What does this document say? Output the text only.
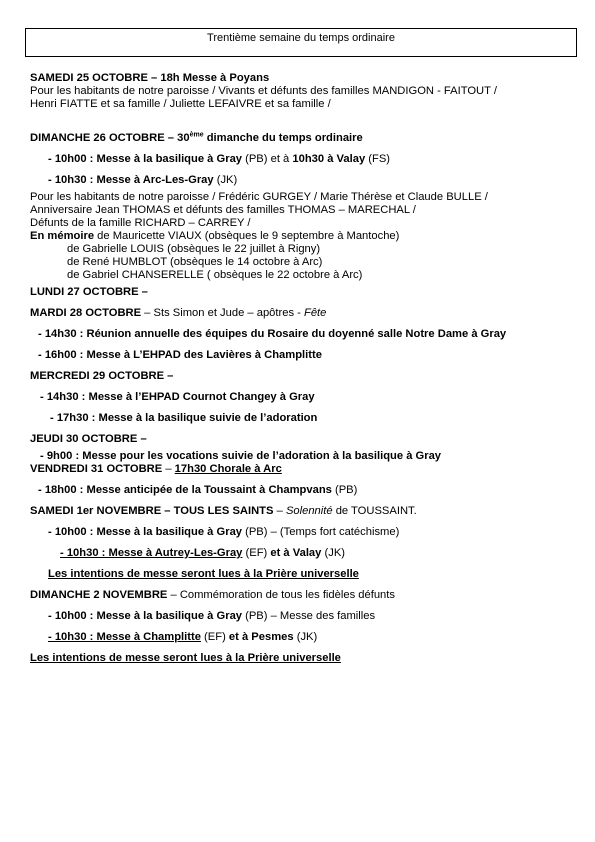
Trentième semaine du temps ordinaire
SAMEDI 25 OCTOBRE – 18h Messe à Poyans
Pour les habitants de notre paroisse / Vivants et défunts des familles MANDIGON - FAITOUT /
Henri FIATTE et sa famille / Juliette LEFAIVRE et sa famille /
DIMANCHE 26 OCTOBRE – 30ème dimanche du temps ordinaire
- 10h00 : Messe à la basilique à Gray (PB) et à 10h30 à Valay (FS)
- 10h30 : Messe à Arc-Les-Gray (JK)
Pour les habitants de notre paroisse / Frédéric GURGEY / Marie Thérèse et Claude BULLE /
Anniversaire Jean THOMAS et défunts des familles THOMAS – MARECHAL /
Défunts de la famille RICHARD – CARREY /
En mémoire de Mauricette VIAUX (obsèques le 9 septembre à Mantoche)
de Gabrielle LOUIS (obsèques le 22 juillet à Rigny)
de René HUMBLOT (obsèques le 14 octobre à Arc)
de Gabriel CHANSERELLE ( obsèques le 22 octobre à Arc)
LUNDI 27 OCTOBRE –
MARDI 28 OCTOBRE – Sts Simon et Jude – apôtres - Fête
- 14h30 : Réunion annuelle des équipes du Rosaire du doyenné salle Notre Dame à Gray
- 16h00 : Messe à L’EHPAD des Lavières à Champlitte
MERCREDI 29 OCTOBRE –
- 14h30 : Messe à l’EHPAD Cournot Changey à Gray
- 17h30 : Messe à la basilique suivie de l’adoration
JEUDI 30 OCTOBRE –
- 9h00 : Messe pour les vocations suivie de l’adoration à la basilique à Gray
VENDREDI 31 OCTOBRE – 17h30 Chorale à Arc
- 18h00 : Messe anticipée de la Toussaint à Champvans (PB)
SAMEDI 1er NOVEMBRE – TOUS LES SAINTS – Solennité de TOUSSAINT.
- 10h00 : Messe à la basilique à Gray (PB) – (Temps fort catéchisme)
- 10h30 : Messe à Autrey-Les-Gray (EF) et à Valay (JK)
Les intentions de messe seront lues à la Prière universelle
DIMANCHE 2 NOVEMBRE – Commémoration de tous les fidèles défunts
- 10h00 : Messe à la basilique à Gray (PB) – Messe des familles
- 10h30 : Messe à Champlitte (EF) et à Pesmes (JK)
Les intentions de messe seront lues à la Prière universelle
